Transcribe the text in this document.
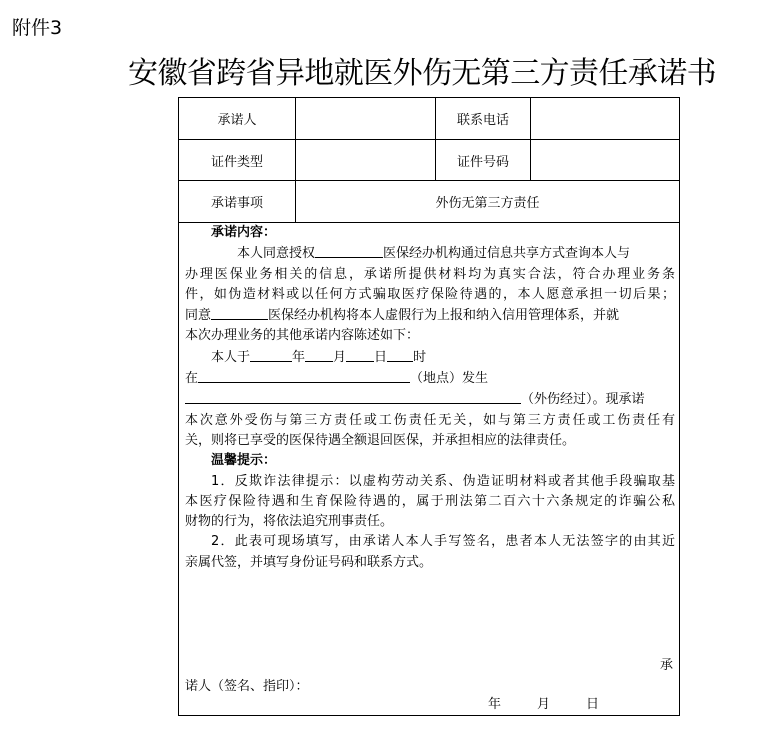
附件3
安徽省跨省异地就医外伤无第三方责任承诺书
承诺人	联系电话
证件类型	证件号码
承诺事项	外伤无第三方责任

承诺内容：

本人同意授权	医保经办机构通过信息共享方式查询本人与

办理医保业务相关的信息，承诺所提供材料均为真实合法，符合办理业务条

件，如伪造材料或以任何方式骗取医疗保险待遇的，本人愿意承担一切后果；

同意	医保经办机构将本人虚假行为上报和纳入信用管理体系，并就

本次办理业务的其他承诺内容陈述如下：

本人于	年 月 日 时

在	（地点）发生

（外伤经过）。现承诺

本次意外受伤与第三方责任或工伤责任无关，如与第三方责任或工伤责任有

关，则将已享受的医保待遇全额退回医保，并承担相应的法律责任。

温馨提示：

1．反欺诈法律提示：以虚构劳动关系、伪造证明材料或者其他手段骗取基

本医疗保险待遇和生育保险待遇的，属于刑法第二百六十六条规定的诈骗公私

财物的行为，将依法追究刑事责任。

2．此表可现场填写，由承诺人本人手写签名，患者本人无法签字的由其近

亲属代签，并填写身份证号码和联系方式。

承
诺人（签名、指印）：
年	月	日
